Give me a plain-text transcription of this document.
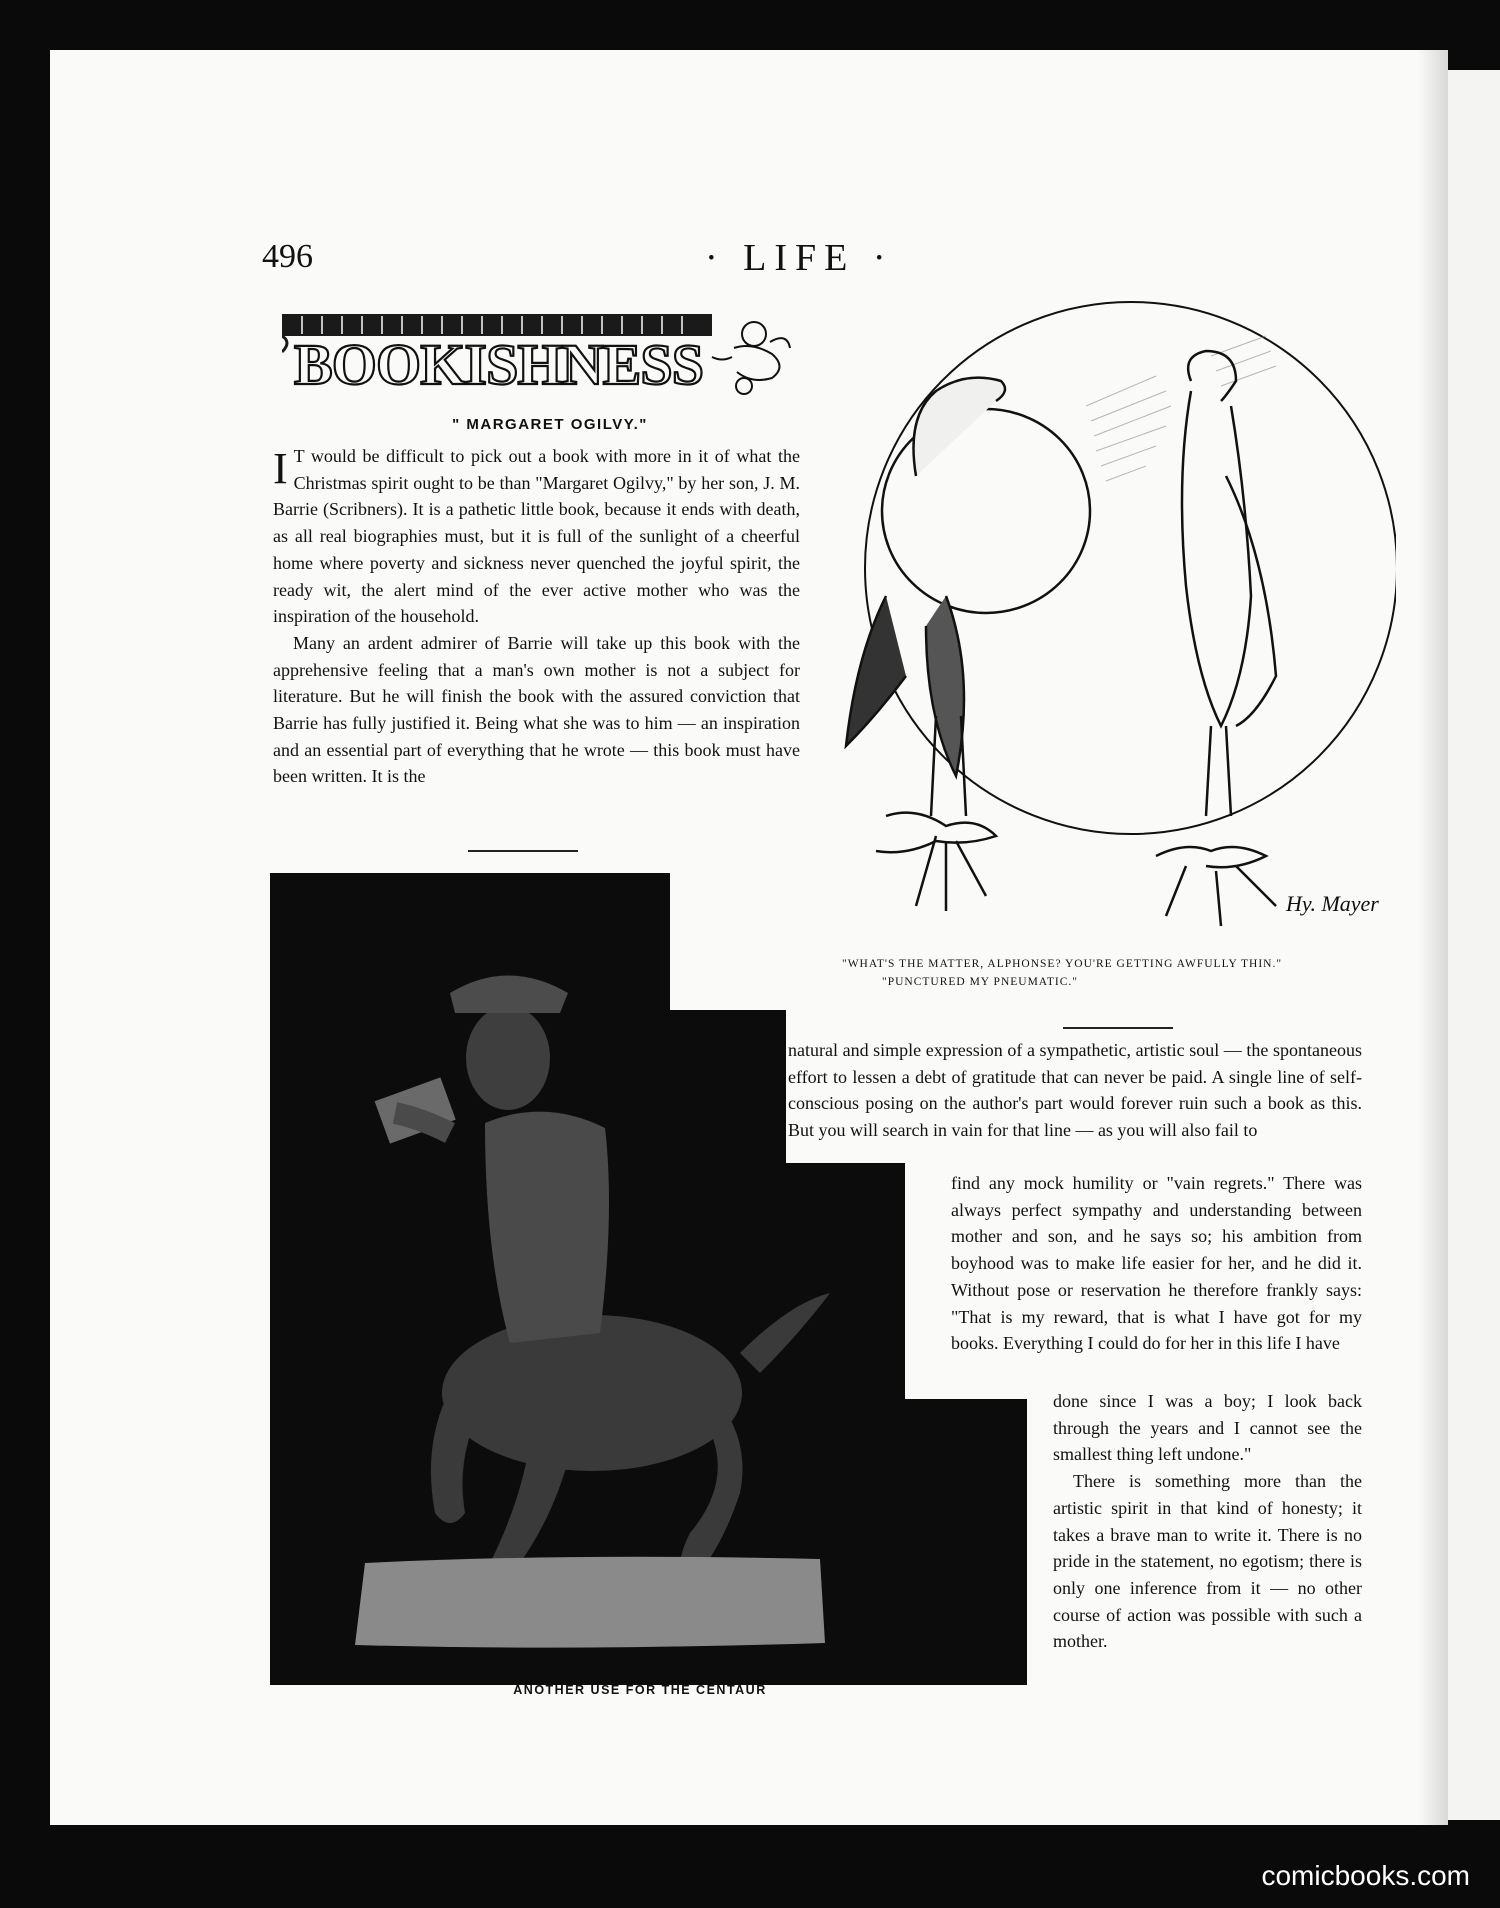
496	· LIFE ·
BOOKISHNESS
" MARGARET OGILVY."

I T would be difficult to pick out a book with more in it of what the Christmas spirit ought to be than "Margaret Ogilvy," by her son, J. M. Barrie (Scribners). It is a pathetic little book, because it ends with death, as all real biographies must, but it is full of the sunlight of a cheerful home where poverty and sickness never quenched the joyful spirit, the ready wit, the alert mind of the ever active mother who was the inspiration of the household.

Many an ardent admirer of Barrie will take up this book with the apprehensive feeling that a man's own mother is not a subject for literature. But he will finish the book with the assured conviction that Barrie has fully justified it. Being what she was to him — an inspiration and an essential part of everything that he wrote — this book must have been written. It is the

Hy. Mayer

"WHAT'S THE MATTER, ALPHONSE? YOU'RE GETTING AWFULLY THIN."

"PUNCTURED MY PNEUMATIC."

ANOTHER USE FOR THE CENTAUR
natural and simple expression of a sympathetic, artistic soul — the spontaneous effort to lessen a debt of gratitude that can never be paid. A single line of self-conscious posing on the author's part would forever ruin such a book as this. But you will search in vain for that line — as you will also fail to
find any mock humility or "vain regrets." There was always perfect sympathy and understanding between mother and son, and he says so; his ambition from boyhood was to make life easier for her, and he did it. Without pose or reservation he therefore frankly says: "That is my reward, that is what I have got for my books. Everything I could do for her in this life I have

done since I was a boy; I look back through the years and I cannot see the smallest thing left undone."

There is something more than the artistic spirit in that kind of honesty; it takes a brave man to write it. There is no pride in the statement, no egotism; there is only one inference from it — no other course of action was possible with such a mother.

comicbooks.com
